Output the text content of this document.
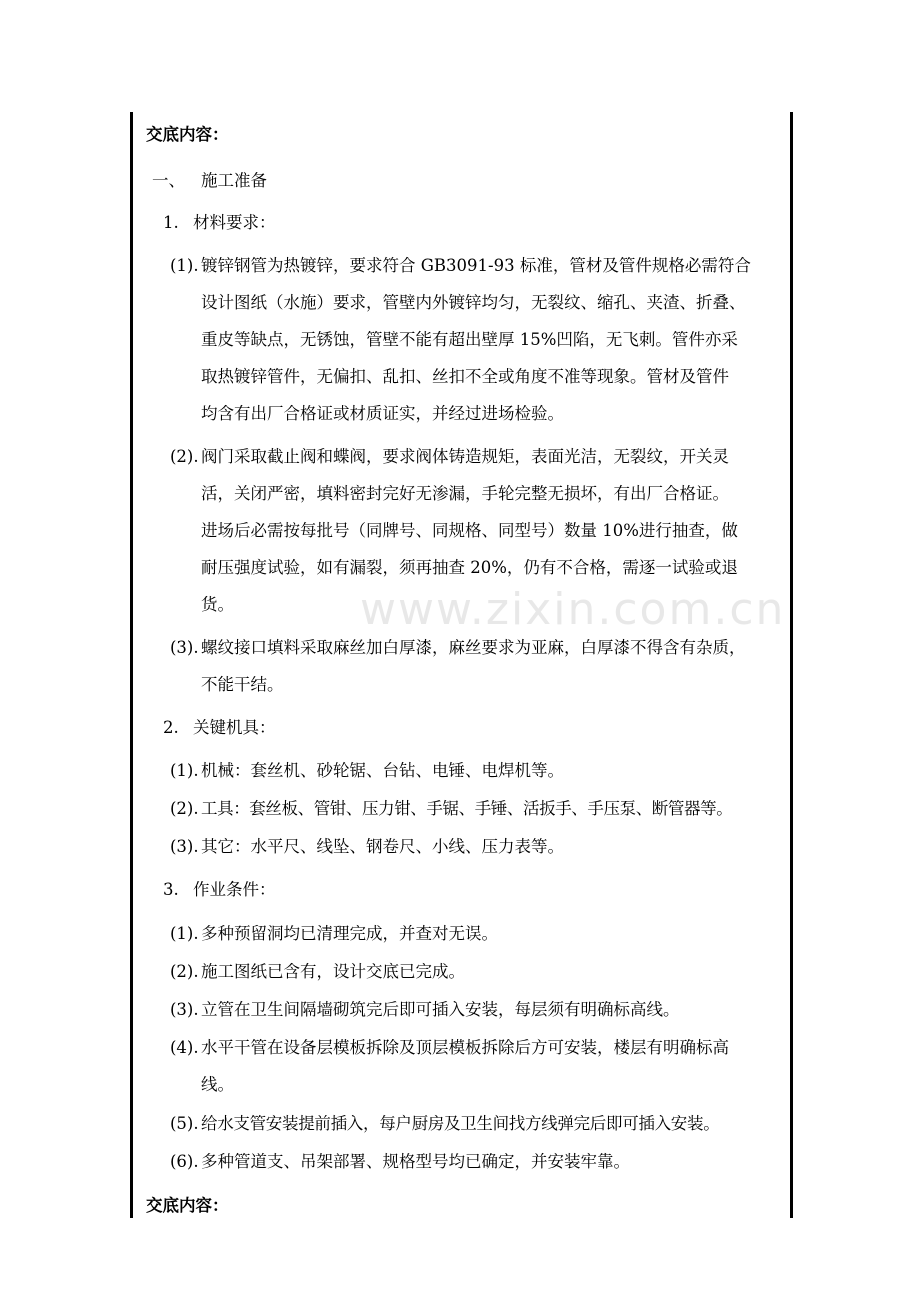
www.zixin.com.cn
交底内容：
一、 施工准备
1. 材料要求：
(1). 镀锌钢管为热镀锌，要求符合 GB3091-93 标准，管材及管件规格必需符合
设计图纸（水施）要求，管壁内外镀锌均匀，无裂纹、缩孔、夹渣、折叠、
重皮等缺点，无锈蚀，管壁不能有超出壁厚 15%凹陷，无飞刺。管件亦采
取热镀锌管件，无偏扣、乱扣、丝扣不全或角度不准等现象。管材及管件
均含有出厂合格证或材质证实，并经过进场检验。
(2). 阀门采取截止阀和蝶阀，要求阀体铸造规矩，表面光洁，无裂纹，开关灵
活，关闭严密，填料密封完好无渗漏，手轮完整无损坏，有出厂合格证。
进场后必需按每批号（同牌号、同规格、同型号）数量 10%进行抽查，做
耐压强度试验，如有漏裂，须再抽查 20%，仍有不合格，需逐一试验或退
货。
(3). 螺纹接口填料采取麻丝加白厚漆，麻丝要求为亚麻，白厚漆不得含有杂质，
不能干结。
2. 关键机具：
(1). 机械：套丝机、砂轮锯、台钻、电锤、电焊机等。
(2). 工具：套丝板、管钳、压力钳、手锯、手锤、活扳手、手压泵、断管器等。
(3). 其它：水平尺、线坠、钢卷尺、小线、压力表等。
3. 作业条件：
(1). 多种预留洞均已清理完成，并查对无误。
(2). 施工图纸已含有，设计交底已完成。
(3). 立管在卫生间隔墙砌筑完后即可插入安装，每层须有明确标高线。
(4). 水平干管在设备层模板拆除及顶层模板拆除后方可安装，楼层有明确标高
线。
(5). 给水支管安装提前插入，每户厨房及卫生间找方线弹完后即可插入安装。
(6). 多种管道支、吊架部署、规格型号均已确定，并安装牢靠。
交底内容：
